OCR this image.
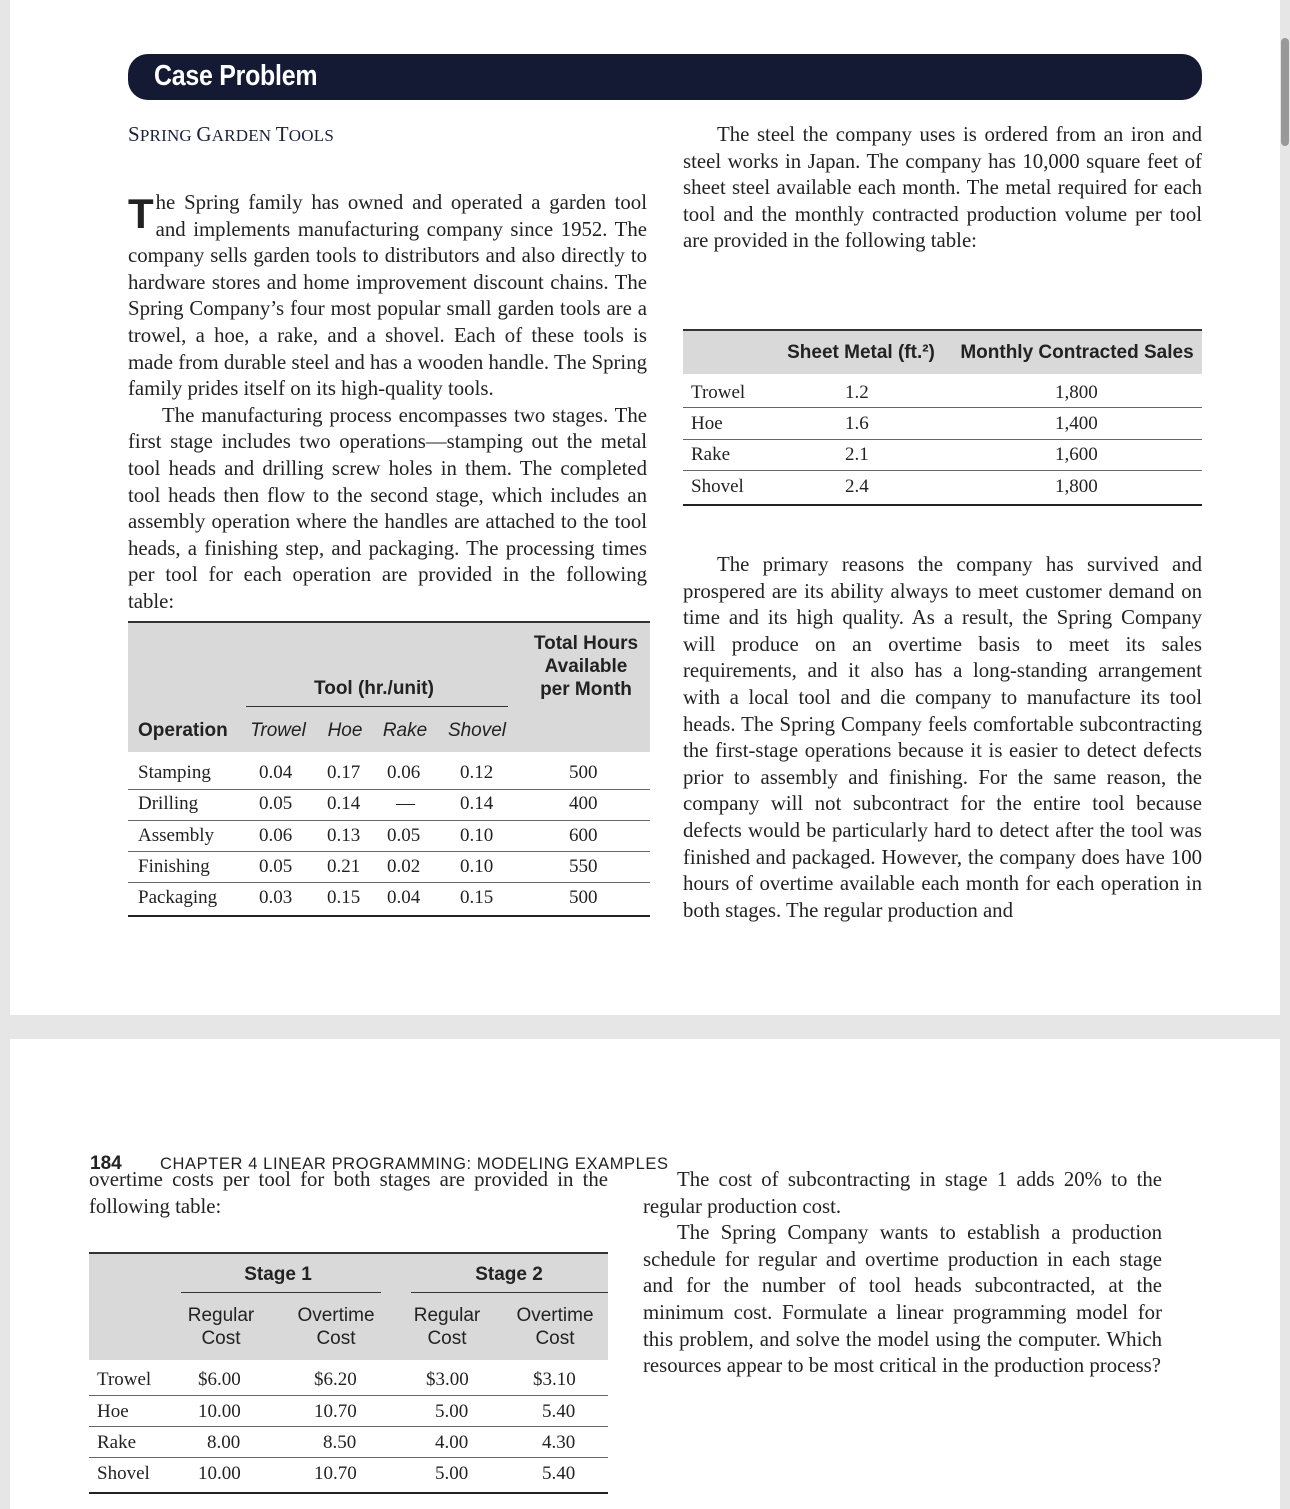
Case Problem
SPRING GARDEN TOOLS

The Spring family has owned and operated a garden tool and implements manufacturing company since 1952. The company sells garden tools to distributors and also directly to hardware stores and home improvement discount chains. The Spring Company’s four most popular small garden tools are a trowel, a hoe, a rake, and a shovel. Each of these tools is made from durable steel and has a wooden handle. The Spring family prides itself on its high-quality tools.

The manufacturing process encompasses two stages. The first stage includes two operations—stamping out the metal tool heads and drilling screw holes in them. The completed tool heads then flow to the second stage, which includes an assembly operation where the handles are attached to the tool heads, a finishing step, and packaging. The processing times per tool for each operation are provided in the following table:

The steel the company uses is ordered from an iron and steel works in Japan. The company has 10,000 square feet of sheet steel available each month. The metal required for each tool and the monthly contracted production volume per tool are provided in the following table:

Tool (hr./unit)
Total Hours
Available
per Month
Operation Trowel Hoe Rake Shovel
Stamping	0.04 0.17 0.06 0.12	500
Drilling	0.05 0.14 — 0.14	400
Assembly 0.06 0.13 0.05 0.10	600
Finishing	0.05 0.21 0.02 0.10	550
Packaging 0.03 0.15 0.04 0.15	500
Sheet Metal (ft.²)	Monthly Contracted Sales
Trowel	1.2	1,800
Hoe	1.6	1,400
Rake	2.1	1,600
Shovel	2.4	1,800

The primary reasons the company has survived and prospered are its ability always to meet customer demand on time and its high quality. As a result, the Spring Company will produce on an overtime basis to meet its sales requirements, and it also has a long-standing arrangement with a local tool and die company to manufacture its tool heads. The Spring Company feels comfortable subcontracting the first-stage operations because it is easier to detect defects prior to assembly and finishing. For the same reason, the company will not subcontract for the entire tool because defects would be particularly hard to detect after the tool was finished and packaged. However, the company does have 100 hours of overtime available each month for each operation in both stages. The regular production and

184 CHAPTER 4 LINEAR PROGRAMMING: MODELING EXAMPLES

overtime costs per tool for both stages are provided in the following table:

Stage 1	Stage 2
Regular
Cost
Overtime
Cost
Regular
Cost
Overtime
Cost
Trowel $6.00	$6.20	$3.00	$3.10
Hoe	10.00	10.70	5.00	5.40
Rake	8.00	8.50	4.00	4.30
Shovel	10.00	10.70	5.00	5.40

The cost of subcontracting in stage 1 adds 20% to the regular production cost.

The Spring Company wants to establish a production schedule for regular and overtime production in each stage and for the number of tool heads subcontracted, at the minimum cost. Formulate a linear programming model for this problem, and solve the model using the computer. Which resources appear to be most critical in the production process?
